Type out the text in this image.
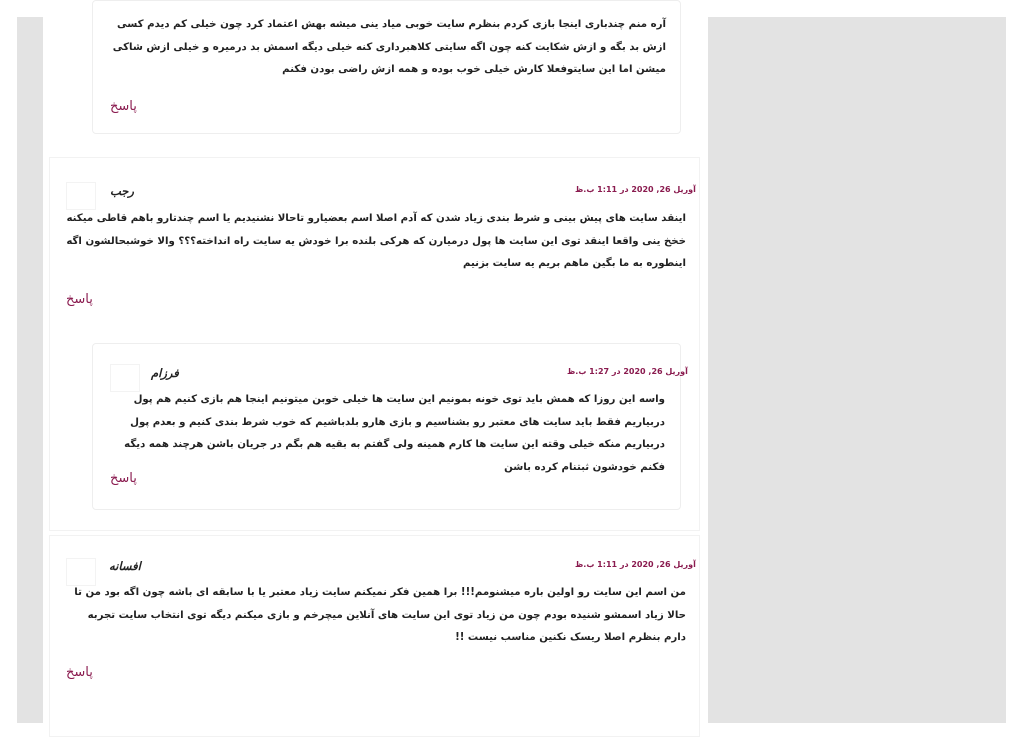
آره منم چندباری اینجا بازی کردم بنظرم سایت خوبی میاد ینی میشه بهش اعتماد کرد چون خیلی کم دیدم کسی ازش بد بگه و ازش شکایت کنه چون اگه سایتی کلاهبرداری کنه خیلی دیگه اسمش بد درمیره و خیلی ازش شاکی میشن اما این سایتوفعلا کارش خیلی خوب بوده و همه ازش راضی بودن فکنم
پاسخ
رجب	آوریل 26, 2020 در 1:11 ب.ظ
اینقد سایت های پیش بینی و شرط بندی زیاد شدن که آدم اصلا اسم بعضیارو تاحالا نشنیدیم یا اسم چندتارو باهم قاطی میکنه خخخ ینی واقعا اینقد توی این سایت ها پول درمیارن که هرکی بلنده برا خودش یه سایت راه انداخته؟؟؟ والا خوشبحالشون اگه اینطوره به ما بگین ماهم بریم یه سایت بزنیم
پاسخ
فرزام	آوریل 26, 2020 در 1:27 ب.ظ
واسه این روزا که همش باید توی خونه بمونیم این سایت ها خیلی خوبن میتونیم اینجا هم بازی کنیم هم پول دربیاریم فقط باید سایت های معتبر رو بشناسیم و بازی هارو بلدباشیم که خوب شرط بندی کنیم و بعدم پول دربیاریم منکه خیلی وقته این سایت ها کارم همینه ولی گفتم به بقیه هم بگم در جریان باشن هرچند همه دیگه فکنم خودشون ثبتنام کرده باشن
پاسخ
افسانه	آوریل 26, 2020 در 1:11 ب.ظ
من اسم این سایت رو اولین باره میشنومم!!! برا همین فکر نمیکنم سایت زیاد معتبر یا با سابقه ای باشه چون اگه بود من تا حالا زیاد اسمشو شنیده بودم چون من زیاد توی این سایت های آنلاین میچرخم و بازی میکنم دیگه توی انتخاب سایت تجربه دارم بنظرم اصلا ریسک نکنین مناسب نیست !!
پاسخ
